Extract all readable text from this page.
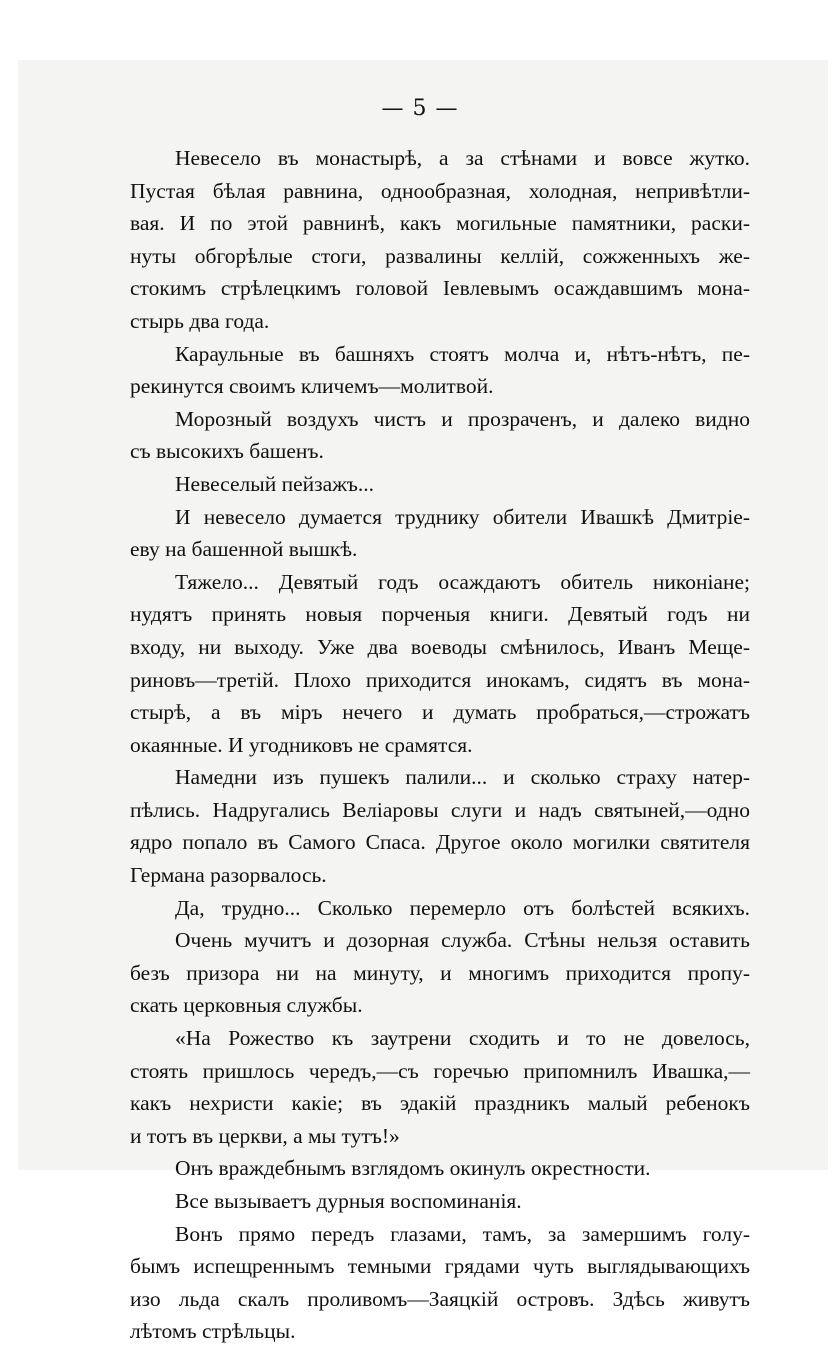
— 5 —
Невесело въ монастырѣ, а за стѣнами и вовсе жутко.
Пустая бѣлая равнина, однообразная, холодная, непривѣтли-
вая. И по этой равнинѣ, какъ могильные памятники, раски-
нуты обгорѣлые стоги, развалины келлій, сожженныхъ же-
стокимъ стрѣлецкимъ головой Іевлевымъ осаждавшимъ мона-
стырь два года.
Караульные въ башняхъ стоятъ молча и, нѣтъ-нѣтъ, пе-
рекинутся своимъ кличемъ—молитвой.
Морозный воздухъ чистъ и прозраченъ, и далеко видно
съ высокихъ башенъ.
Невеселый пейзажъ...
И невесело думается труднику обители Ивашкѣ Дмитріе-
еву на башенной вышкѣ.
Тяжело... Девятый годъ осаждаютъ обитель никоніане;
нудятъ принять новыя порченыя книги. Девятый годъ ни
входу, ни выходу. Уже два воеводы смѣнилось, Иванъ Меще-
риновъ—третій. Плохо приходится инокамъ, сидятъ въ мона-
стырѣ, а въ міръ нечего и думать пробраться,—строжатъ
окаянные. И угодниковъ не срамятся.
Намедни изъ пушекъ палили... и сколько страху натер-
пѣлись. Надругались Веліаровы слуги и надъ святыней,—одно
ядро попало въ Самого Спаса. Другое около могилки святителя
Германа разорвалось.
Да, трудно... Сколько перемерло отъ болѣстей всякихъ.
Очень мучитъ и дозорная служба. Стѣны нельзя оставить
безъ призора ни на минуту, и многимъ приходится пропу-
скать церковныя службы.
«На Рожество къ заутрени сходить и то не довелось,
стоять пришлось чередъ,—съ горечью припомнилъ Ивашка,—
какъ нехристи какіе; въ эдакій праздникъ малый ребенокъ
и тотъ въ церкви, а мы тутъ!»
Онъ враждебнымъ взглядомъ окинулъ окрестности.
Все вызываетъ дурныя воспоминанія.
Вонъ прямо передъ глазами, тамъ, за замершимъ голу-
бымъ испещреннымъ темными грядами чуть выглядывающихъ
изо льда скалъ проливомъ—Заяцкій островъ. Здѣсь живутъ
лѣтомъ стрѣльцы.
